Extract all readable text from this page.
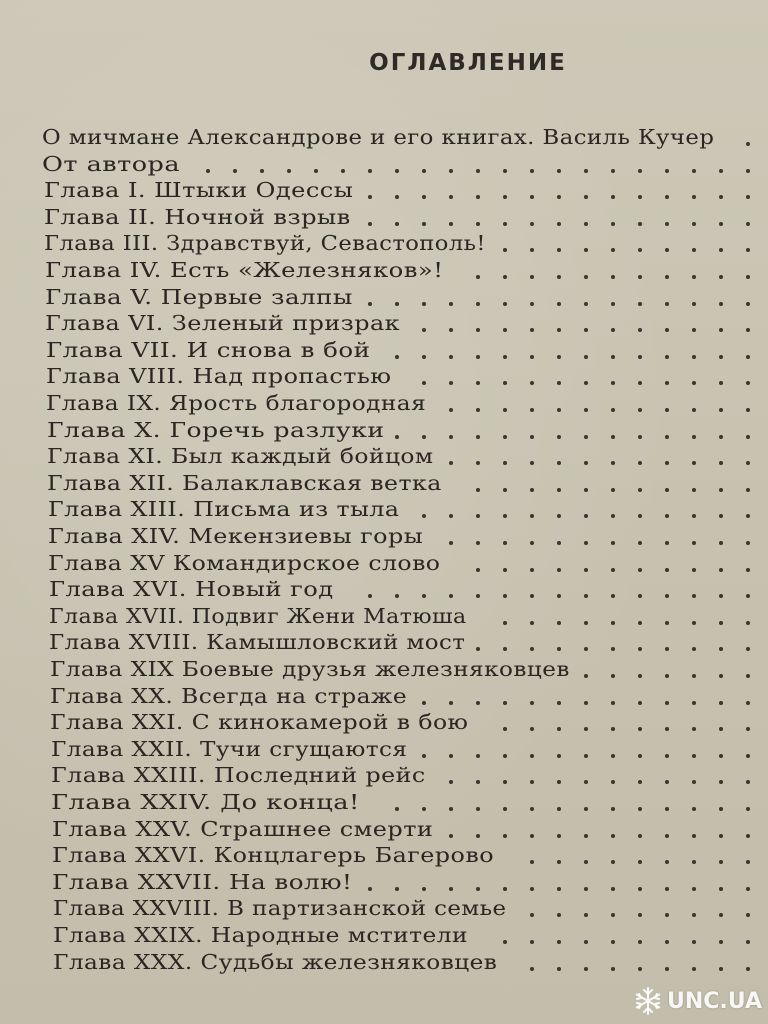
ОГЛАВЛЕНИЕ
О мичмане Александрове и его книгах. Василь Кучер
От автора
Глава I. Штыки Одессы
Глава II. Ночной взрыв
Глава III. Здравствуй, Севастополь!
Глава IV. Есть «Железняков»!
Глава V. Первые залпы
Глава VI. Зеленый призрак
Глава VII. И снова в бой
Глава VIII. Над пропастью
Глава IX. Ярость благородная
Глава X. Горечь разлуки
Глава XI. Был каждый бойцом
Глава XII. Балаклавская ветка
Глава XIII. Письма из тыла
Глава XIV. Мекензиевы горы
Глава XV Командирское слово
Глава XVI. Новый год
Глава XVII. Подвиг Жени Матюша
Глава XVIII. Камышловский мост
Глава XIX Боевые друзья железняковцев
Глава XX. Всегда на страже
Глава XXI. С кинокамерой в бою
Глава XXII. Тучи сгущаются
Глава XXIII. Последний рейс
Глава XXIV. До конца!
Глава XXV. Страшнее смерти
Глава XXVI. Концлагерь Багерово
Глава XXVII. На волю!
Глава XXVIII. В партизанской семье
Глава XXIX. Народные мстители
Глава XXX. Судьбы железняковцев
UNC.UA
